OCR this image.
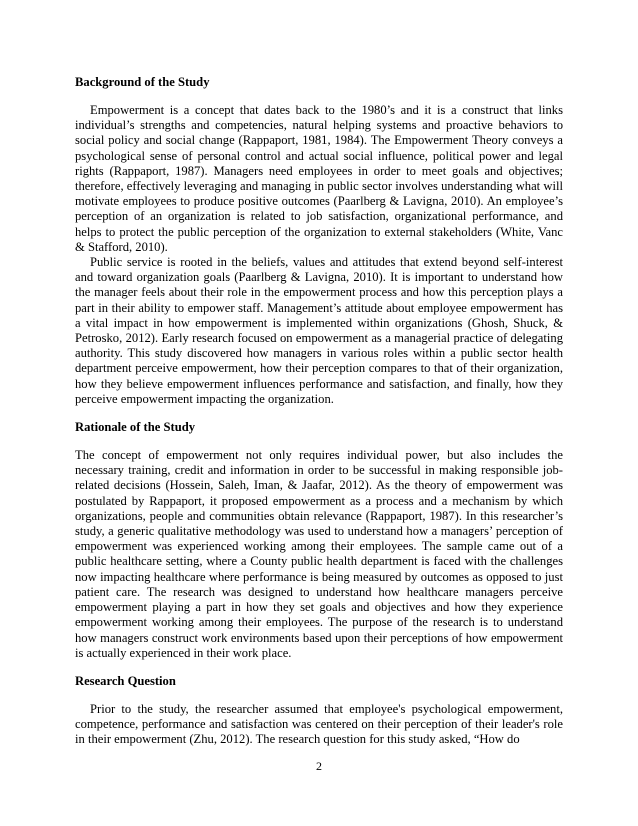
Background of the Study

Empowerment is a concept that dates back to the 1980’s and it is a construct that links individual’s strengths and competencies, natural helping systems and proactive behaviors to social policy and social change (Rappaport, 1981, 1984). The Empowerment Theory conveys a psychological sense of personal control and actual social influence, political power and legal rights (Rappaport, 1987). Managers need employees in order to meet goals and objectives; therefore, effectively leveraging and managing in public sector involves understanding what will motivate employees to produce positive outcomes (Paarlberg & Lavigna, 2010). An employee’s perception of an organization is related to job satisfaction, organizational performance, and helps to protect the public perception of the organization to external stakeholders (White, Vanc & Stafford, 2010).

Public service is rooted in the beliefs, values and attitudes that extend beyond self-interest and toward organization goals (Paarlberg & Lavigna, 2010). It is important to understand how the manager feels about their role in the empowerment process and how this perception plays a part in their ability to empower staff. Management’s attitude about employee empowerment has a vital impact in how empowerment is implemented within organizations (Ghosh, Shuck, & Petrosko, 2012). Early research focused on empowerment as a managerial practice of delegating authority. This study discovered how managers in various roles within a public sector health department perceive empowerment, how their perception compares to that of their organization, how they believe empowerment influences performance and satisfaction, and finally, how they perceive empowerment impacting the organization.

Rationale of the Study

The concept of empowerment not only requires individual power, but also includes the necessary training, credit and information in order to be successful in making responsible job-related decisions (Hossein, Saleh, Iman, & Jaafar, 2012). As the theory of empowerment was postulated by Rappaport, it proposed empowerment as a process and a mechanism by which organizations, people and communities obtain relevance (Rappaport, 1987). In this researcher’s study, a generic qualitative methodology was used to understand how a managers’ perception of empowerment was experienced working among their employees. The sample came out of a public healthcare setting, where a County public health department is faced with the challenges now impacting healthcare where performance is being measured by outcomes as opposed to just patient care. The research was designed to understand how healthcare managers perceive empowerment playing a part in how they set goals and objectives and how they experience empowerment working among their employees. The purpose of the research is to understand how managers construct work environments based upon their perceptions of how empowerment is actually experienced in their work place.

Research Question

Prior to the study, the researcher assumed that employee's psychological empowerment, competence, performance and satisfaction was centered on their perception of their leader's role in their empowerment (Zhu, 2012). The research question for this study asked, “How do

2
